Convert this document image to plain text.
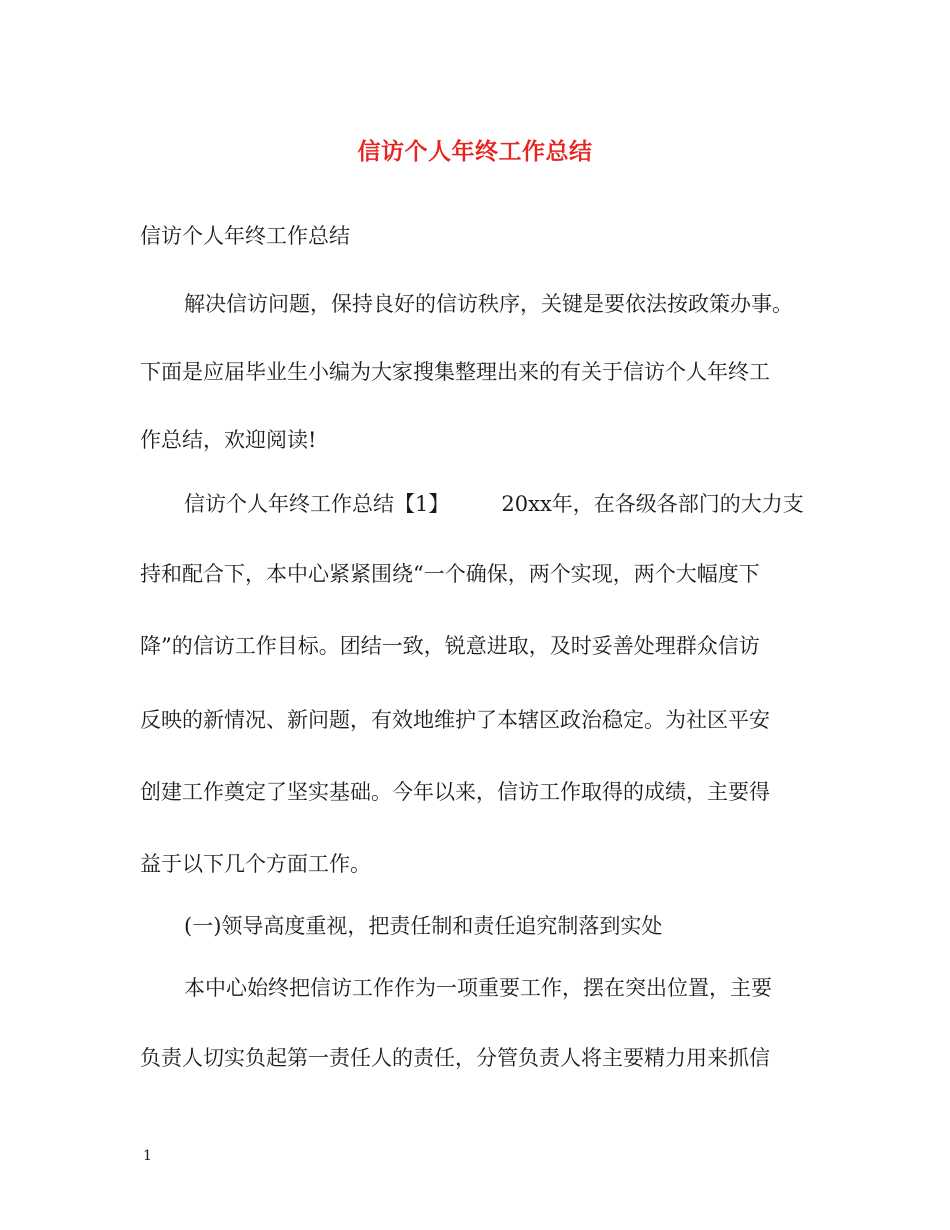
信访个人年终工作总结
信访个人年终工作总结
解决信访问题，保持良好的信访秩序，关键是要依法按政策办事。
下面是应届毕业生小编为大家搜集整理出来的有关于信访个人年终工
作总结，欢迎阅读!
信访个人年终工作总结【1】 20xx年，在各级各部门的大力支
持和配合下，本中心紧紧围绕“一个确保，两个实现，两个大幅度下
降”的信访工作目标。团结一致，锐意进取，及时妥善处理群众信访
反映的新情况、新问题，有效地维护了本辖区政治稳定。为社区平安
创建工作奠定了坚实基础。今年以来，信访工作取得的成绩，主要得
益于以下几个方面工作。
(一)领导高度重视，把责任制和责任追究制落到实处
本中心始终把信访工作作为一项重要工作，摆在突出位置，主要
负责人切实负起第一责任人的责任，分管负责人将主要精力用来抓信
1
